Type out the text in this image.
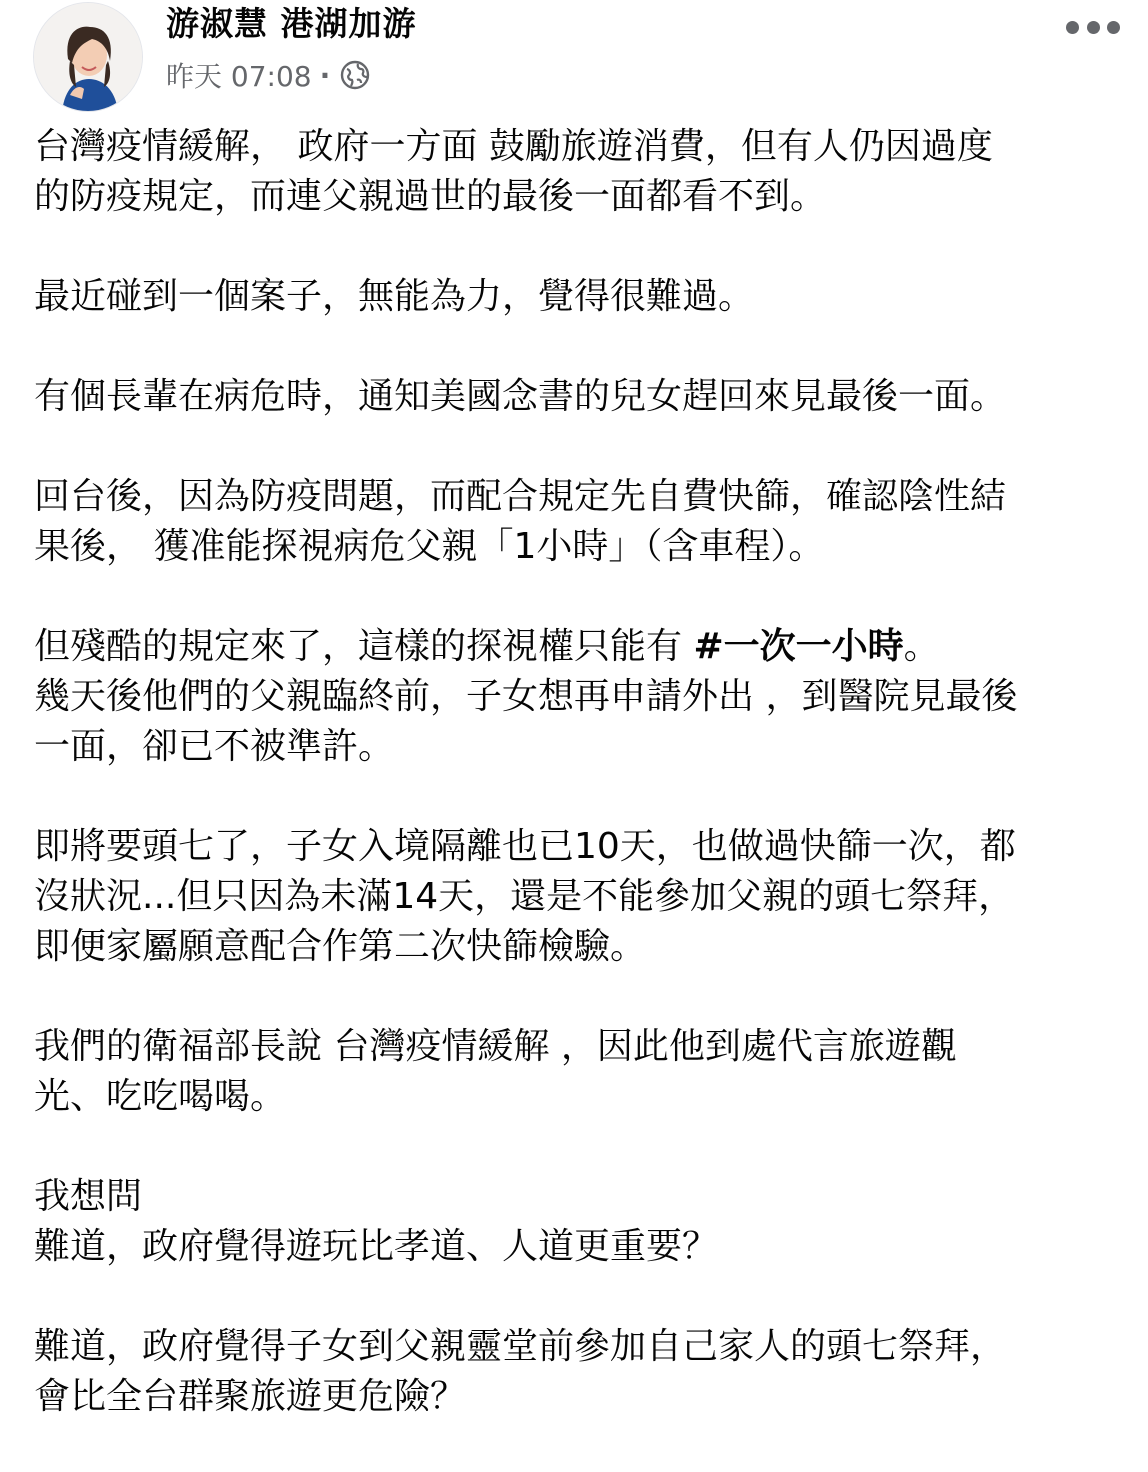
游淑慧 港湖加游
昨天 07:08 ·

台灣疫情緩解， 政府一方面 鼓勵旅遊消費，但有人仍因過度
的防疫規定，而連父親過世的最後一面都看不到。

最近碰到一個案子，無能為力，覺得很難過。

有個長輩在病危時，通知美國念書的兒女趕回來見最後一面。

回台後，因為防疫問題，而配合規定先自費快篩，確認陰性結
果後， 獲准能探視病危父親「1小時」（含車程）。

但殘酷的規定來了，這樣的探視權只能有 #一次一小時。
幾天後他們的父親臨終前，子女想再申請外出 ，到醫院見最後
一面，卻已不被準許。

即將要頭七了，子女入境隔離也已10天，也做過快篩一次，都
沒狀況...但只因為未滿14天，還是不能參加父親的頭七祭拜，
即便家屬願意配合作第二次快篩檢驗。

我們的衛福部長說 台灣疫情緩解 ，因此他到處代言旅遊觀
光、吃吃喝喝。

我想問
難道，政府覺得遊玩比孝道、人道更重要？

難道，政府覺得子女到父親靈堂前參加自己家人的頭七祭拜，
會比全台群聚旅遊更危險？
